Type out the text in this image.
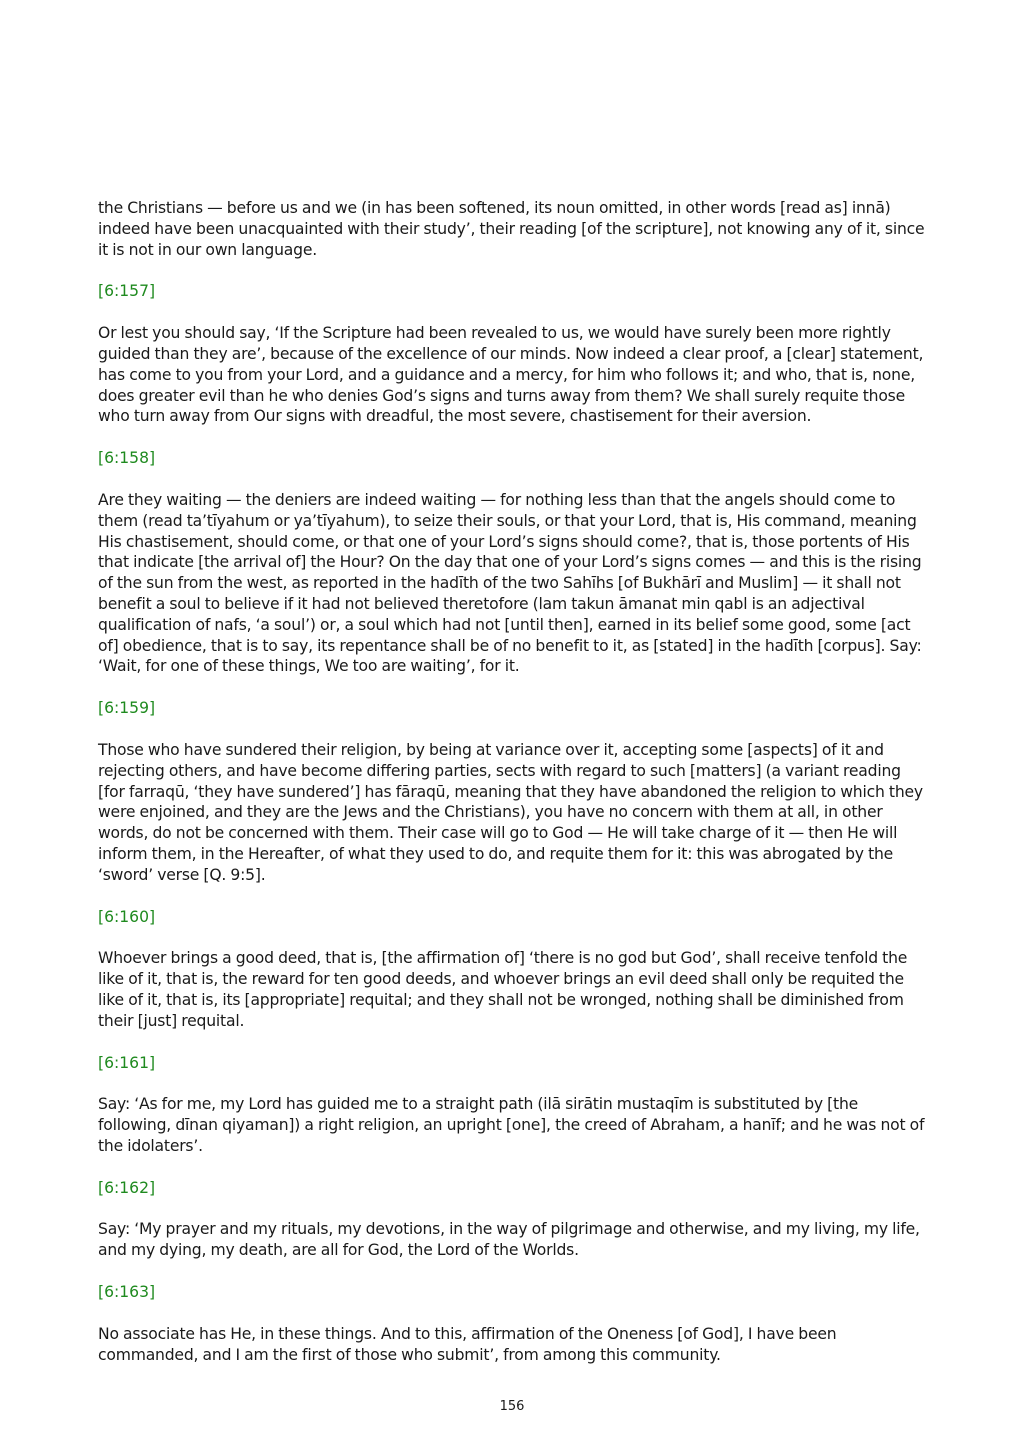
the Christians — before us and we (in has been softened, its noun omitted, in other words [read as] innā) indeed have been unacquainted with their study’, their reading [of the scripture], not knowing any of it, since it is not in our own language.

[6:157]

Or lest you should say, ‘If the Scripture had been revealed to us, we would have surely been more rightly guided than they are’, because of the excellence of our minds. Now indeed a clear proof, a [clear] statement, has come to you from your Lord, and a guidance and a mercy, for him who follows it; and who, that is, none, does greater evil than he who denies God’s signs and turns away from them? We shall surely requite those who turn away from Our signs with dreadful, the most severe, chastisement for their aversion.

[6:158]

Are they waiting — the deniers are indeed waiting — for nothing less than that the angels should come to them (read ta’tīyahum or ya’tīyahum), to seize their souls, or that your Lord, that is, His command, meaning His chastisement, should come, or that one of your Lord’s signs should come?, that is, those portents of His that indicate [the arrival of] the Hour? On the day that one of your Lord’s signs comes — and this is the rising of the sun from the west, as reported in the hadīth of the two Sahīhs [of Bukhārī and Muslim] — it shall not benefit a soul to believe if it had not believed theretofore (lam takun āmanat min qabl is an adjectival qualification of nafs, ‘a soul’) or, a soul which had not [until then], earned in its belief some good, some [act of] obedience, that is to say, its repentance shall be of no benefit to it, as [stated] in the hadīth [corpus]. Say: ‘Wait, for one of these things, We too are waiting’, for it.

[6:159]

Those who have sundered their religion, by being at variance over it, accepting some [aspects] of it and rejecting others, and have become differing parties, sects with regard to such [matters] (a variant reading [for farraqū, ‘they have sundered’] has fāraqū, meaning that they have abandoned the religion to which they were enjoined, and they are the Jews and the Christians), you have no concern with them at all, in other words, do not be concerned with them. Their case will go to God — He will take charge of it — then He will inform them, in the Hereafter, of what they used to do, and requite them for it: this was abrogated by the ‘sword’ verse [Q. 9:5].

[6:160]

Whoever brings a good deed, that is, [the affirmation of] ‘there is no god but God’, shall receive tenfold the like of it, that is, the reward for ten good deeds, and whoever brings an evil deed shall only be requited the like of it, that is, its [appropriate] requital; and they shall not be wronged, nothing shall be diminished from their [just] requital.

[6:161]

Say: ‘As for me, my Lord has guided me to a straight path (ilā sirātin mustaqīm is substituted by [the following, dīnan qiyaman]) a right religion, an upright [one], the creed of Abraham, a hanīf; and he was not of the idolaters’.

[6:162]

Say: ‘My prayer and my rituals, my devotions, in the way of pilgrimage and otherwise, and my living, my life, and my dying, my death, are all for God, the Lord of the Worlds.

[6:163]

No associate has He, in these things. And to this, affirmation of the Oneness [of God], I have been commanded, and I am the first of those who submit’, from among this community.

156
